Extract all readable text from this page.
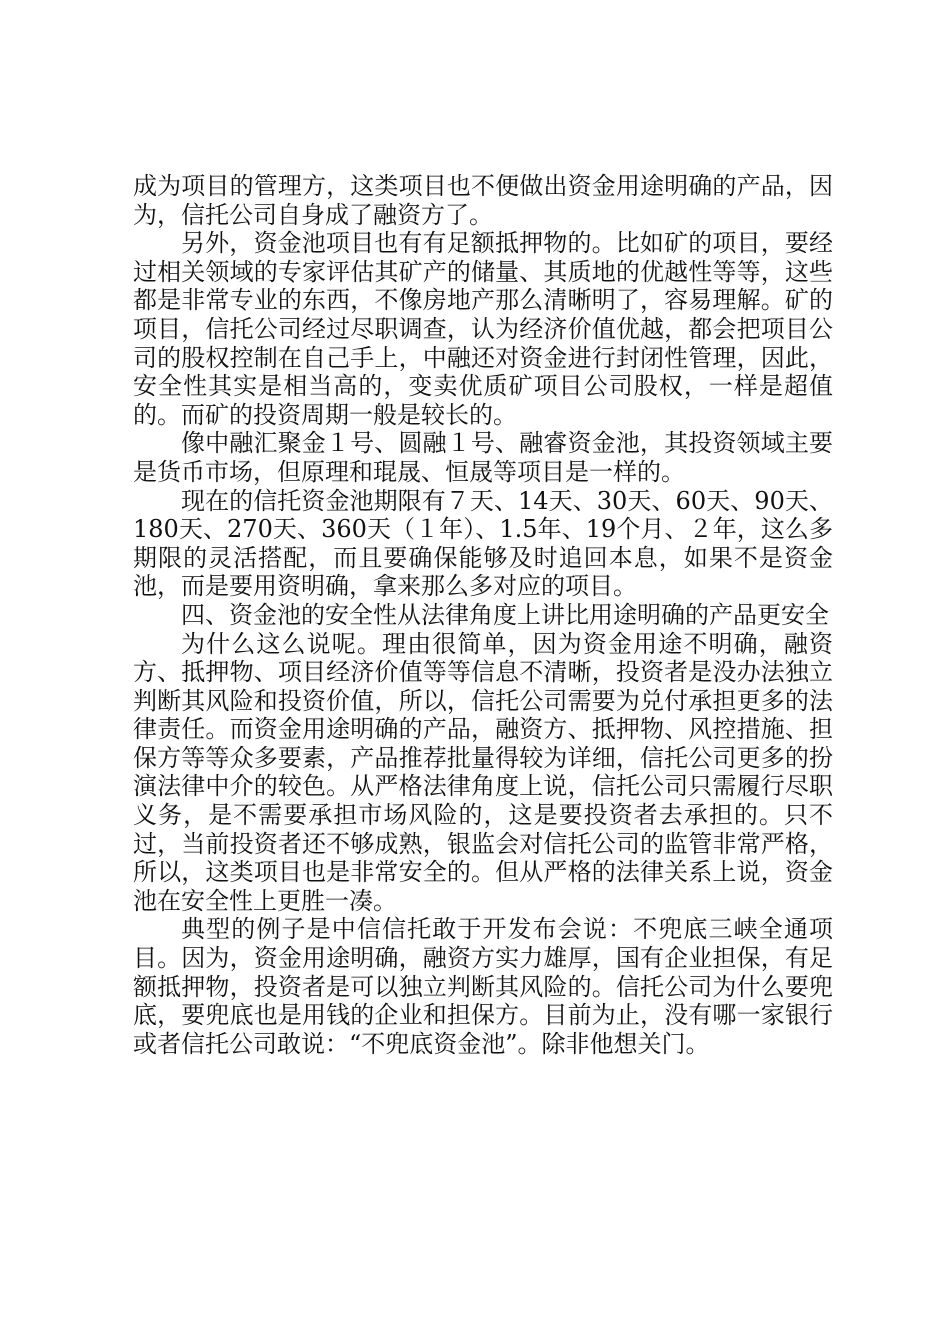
成为项目的管理方，这类项目也不便做出资金用途明确的产品，因为，信托公司自身成了融资方了。

另外，资金池项目也有有足额抵押物的。比如矿的项目，要经过相关领域的专家评估其矿产的储量、其质地的优越性等等，这些都是非常专业的东西，不像房地产那么清晰明了，容易理解。矿的项目，信托公司经过尽职调查，认为经济价值优越，都会把项目公司的股权控制在自己手上，中融还对资金进行封闭性管理，因此，安全性其实是相当高的，变卖优质矿项目公司股权，一样是超值的。而矿的投资周期一般是较长的。

像中融汇聚金１号、圆融１号、融睿资金池，其投资领域主要是货币市场，但原理和琨晟、恒晟等项目是一样的。

现在的信托资金池期限有７天、14天、30天、60天、90天、180天、270天、360天（１年）、1.5年、19个月、２年，这么多期限的灵活搭配，而且要确保能够及时追回本息，如果不是资金池，而是要用资明确，拿来那么多对应的项目。

四、资金池的安全性从法律角度上讲比用途明确的产品更安全

为什么这么说呢。理由很简单，因为资金用途不明确，融资方、抵押物、项目经济价值等等信息不清晰，投资者是没办法独立判断其风险和投资价值，所以，信托公司需要为兑付承担更多的法律责任。而资金用途明确的产品，融资方、抵押物、风控措施、担保方等等众多要素，产品推荐批量得较为详细，信托公司更多的扮演法律中介的较色。从严格法律角度上说，信托公司只需履行尽职义务，是不需要承担市场风险的，这是要投资者去承担的。只不过，当前投资者还不够成熟，银监会对信托公司的监管非常严格，所以，这类项目也是非常安全的。但从严格的法律关系上说，资金池在安全性上更胜一凑。

典型的例子是中信信托敢于开发布会说：不兜底三峡全通项目。因为，资金用途明确，融资方实力雄厚，国有企业担保，有足额抵押物，投资者是可以独立判断其风险的。信托公司为什么要兜底，要兜底也是用钱的企业和担保方。目前为止，没有哪一家银行或者信托公司敢说：“不兜底资金池”。除非他想关门。
